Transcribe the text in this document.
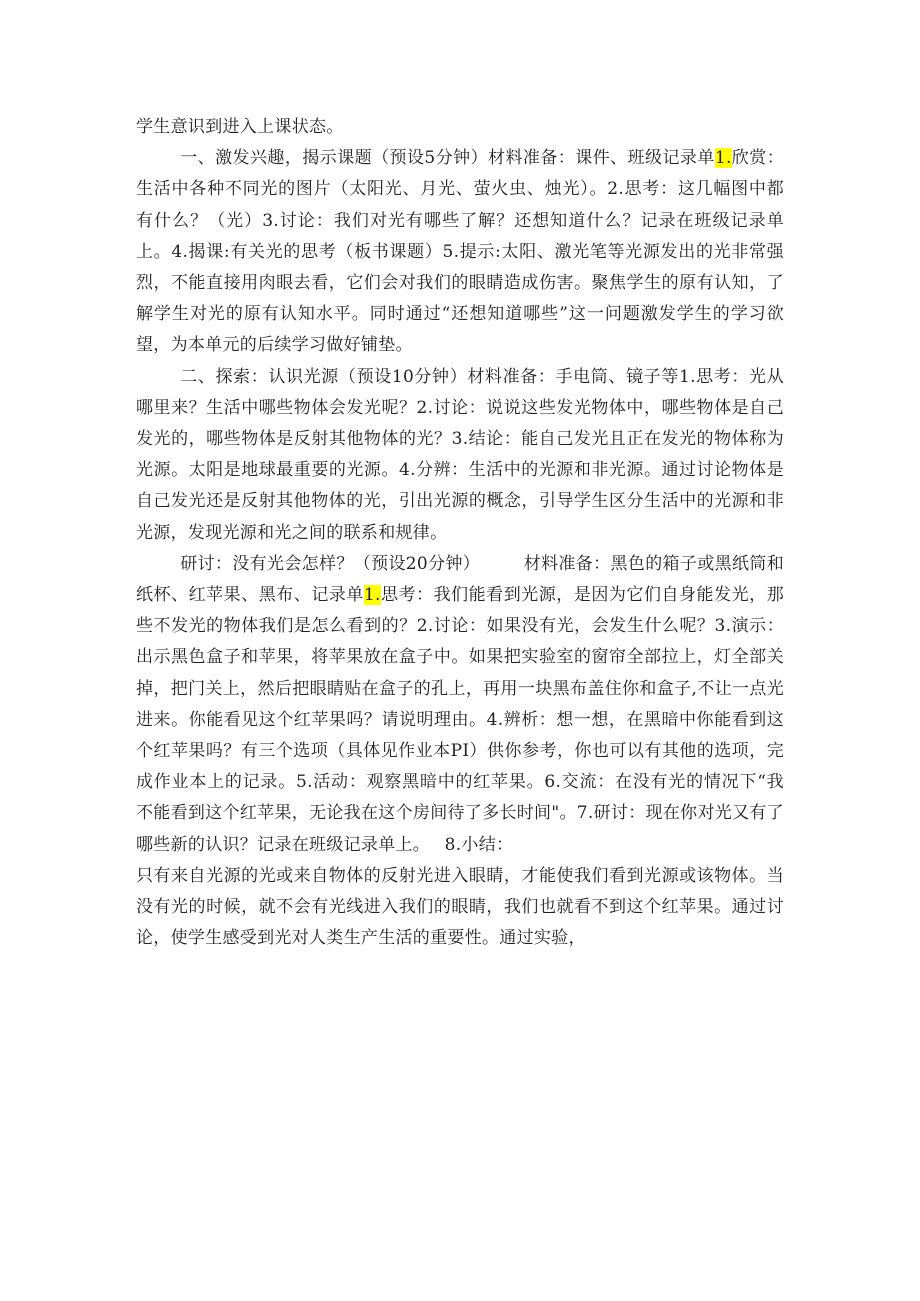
学生意识到进入上课状态。

一、激发兴趣，揭示课题（预设5分钟）材料准备：课件、班级记录单1.欣赏：生活中各种不同光的图片（太阳光、月光、萤火虫、烛光）。2.思考：这几幅图中都有什么？（光）3.讨论：我们对光有哪些了解？还想知道什么？记录在班级记录单上。4.揭课:有关光的思考（板书课题）5.提示:太阳、激光笔等光源发出的光非常强烈，不能直接用肉眼去看，它们会对我们的眼睛造成伤害。聚焦学生的原有认知，了解学生对光的原有认知水平。同时通过“还想知道哪些”这一问题激发学生的学习欲望，为本单元的后续学习做好铺垫。

二、探索：认识光源（预设10分钟）材料准备：手电筒、镜子等1.思考：光从哪里来？生活中哪些物体会发光呢？2.讨论：说说这些发光物体中，哪些物体是自己发光的，哪些物体是反射其他物体的光？3.结论：能自己发光且正在发光的物体称为光源。太阳是地球最重要的光源。4.分辨：生活中的光源和非光源。通过讨论物体是自己发光还是反射其他物体的光，引出光源的概念，引导学生区分生活中的光源和非光源，发现光源和光之间的联系和规律。

研讨：没有光会怎样？（预设20分钟）　　　材料准备：黑色的箱子或黑纸筒和纸杯、红苹果、黑布、记录单1.思考：我们能看到光源，是因为它们自身能发光，那些不发光的物体我们是怎么看到的？2.讨论：如果没有光，会发生什么呢？3.演示：出示黑色盒子和苹果，将苹果放在盒子中。如果把实验室的窗帘全部拉上，灯全部关掉，把门关上，然后把眼睛贴在盒子的孔上，再用一块黑布盖住你和盒子,不让一点光进来。你能看见这个红苹果吗？请说明理由。4.辨析：想一想，在黑暗中你能看到这个红苹果吗？有三个选项（具体见作业本PI）供你参考，你也可以有其他的选项，完成作业本上的记录。5.活动：观察黑暗中的红苹果。6.交流：在没有光的情况下“我不能看到这个红苹果，无论我在这个房间待了多长时间"。7.研讨：现在你对光又有了哪些新的认识？记录在班级记录单上。　 8.小结：

只有来自光源的光或来自物体的反射光进入眼睛，才能使我们看到光源或该物体。当没有光的时候，就不会有光线进入我们的眼睛，我们也就看不到这个红苹果。通过讨论，使学生感受到光对人类生产生活的重要性。通过实验，
